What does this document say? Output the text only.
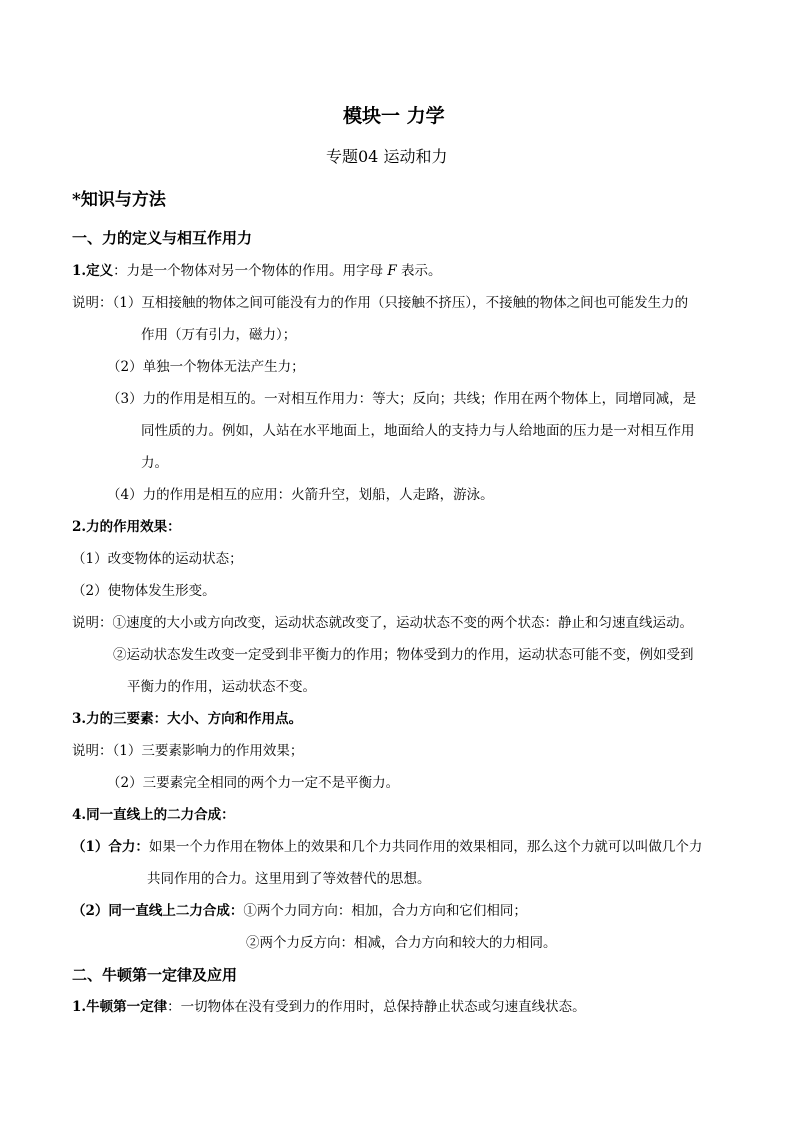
模块一 力学
专题04 运动和力
*知识与方法
一、力的定义与相互作用力
1.定义：力是一个物体对另一个物体的作用。用字母 F 表示。
说明：（1）互相接触的物体之间可能没有力的作用（只接触不挤压），不接触的物体之间也可能发生力的
作用（万有引力，磁力）；
（2）单独一个物体无法产生力；
（3）力的作用是相互的。一对相互作用力：等大；反向；共线；作用在两个物体上，同增同减，是
同性质的力。例如，人站在水平地面上，地面给人的支持力与人给地面的压力是一对相互作用
力。
（4）力的作用是相互的应用：火箭升空，划船，人走路，游泳。
2.力的作用效果：
（1）改变物体的运动状态；
（2）使物体发生形变。
说明：①速度的大小或方向改变，运动状态就改变了，运动状态不变的两个状态：静止和匀速直线运动。
②运动状态发生改变一定受到非平衡力的作用；物体受到力的作用，运动状态可能不变，例如受到
平衡力的作用，运动状态不变。
3.力的三要素：大小、方向和作用点。
说明：（1）三要素影响力的作用效果；
（2）三要素完全相同的两个力一定不是平衡力。
4.同一直线上的二力合成：
（1）合力：如果一个力作用在物体上的效果和几个力共同作用的效果相同，那么这个力就可以叫做几个力
共同作用的合力。这里用到了等效替代的思想。
（2）同一直线上二力合成：①两个力同方向：相加，合力方向和它们相同；
②两个力反方向：相减，合力方向和较大的力相同。
二、牛顿第一定律及应用
1.牛顿第一定律：一切物体在没有受到力的作用时，总保持静止状态或匀速直线状态。
